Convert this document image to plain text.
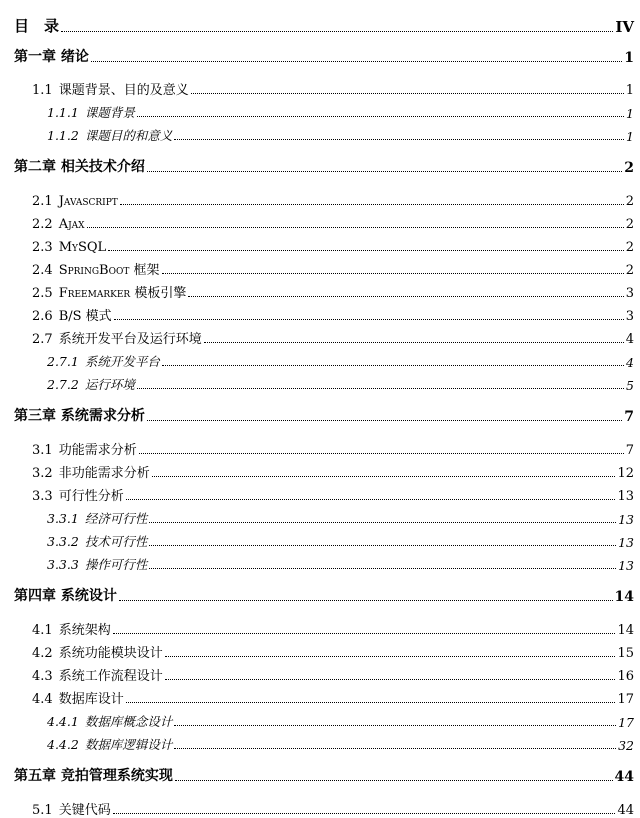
目　录	IV
第一章 绪论	1
1.1 课题背景、目的及意义	1
1.1.1 课题背景	1
1.1.2 课题目的和意义	1
第二章 相关技术介绍	2
2.1 Javascript	2
2.2 Ajax	2
2.3 MySQL	2
2.4 SpringBoot 框架	2
2.5 Freemarker 模板引擎	3
2.6 B/S 模式	3
2.7 系统开发平台及运行环境	4
2.7.1 系统开发平台	4
2.7.2 运行环境	5
第三章 系统需求分析	7
3.1 功能需求分析	7
3.2 非功能需求分析	12
3.3 可行性分析	13
3.3.1 经济可行性	13
3.3.2 技术可行性	13
3.3.3 操作可行性	13
第四章 系统设计	14
4.1 系统架构	14
4.2 系统功能模块设计	15
4.3 系统工作流程设计	16
4.4 数据库设计	17
4.4.1 数据库概念设计	17
4.4.2 数据库逻辑设计	32
第五章 竞拍管理系统实现	44
5.1 关键代码	44
